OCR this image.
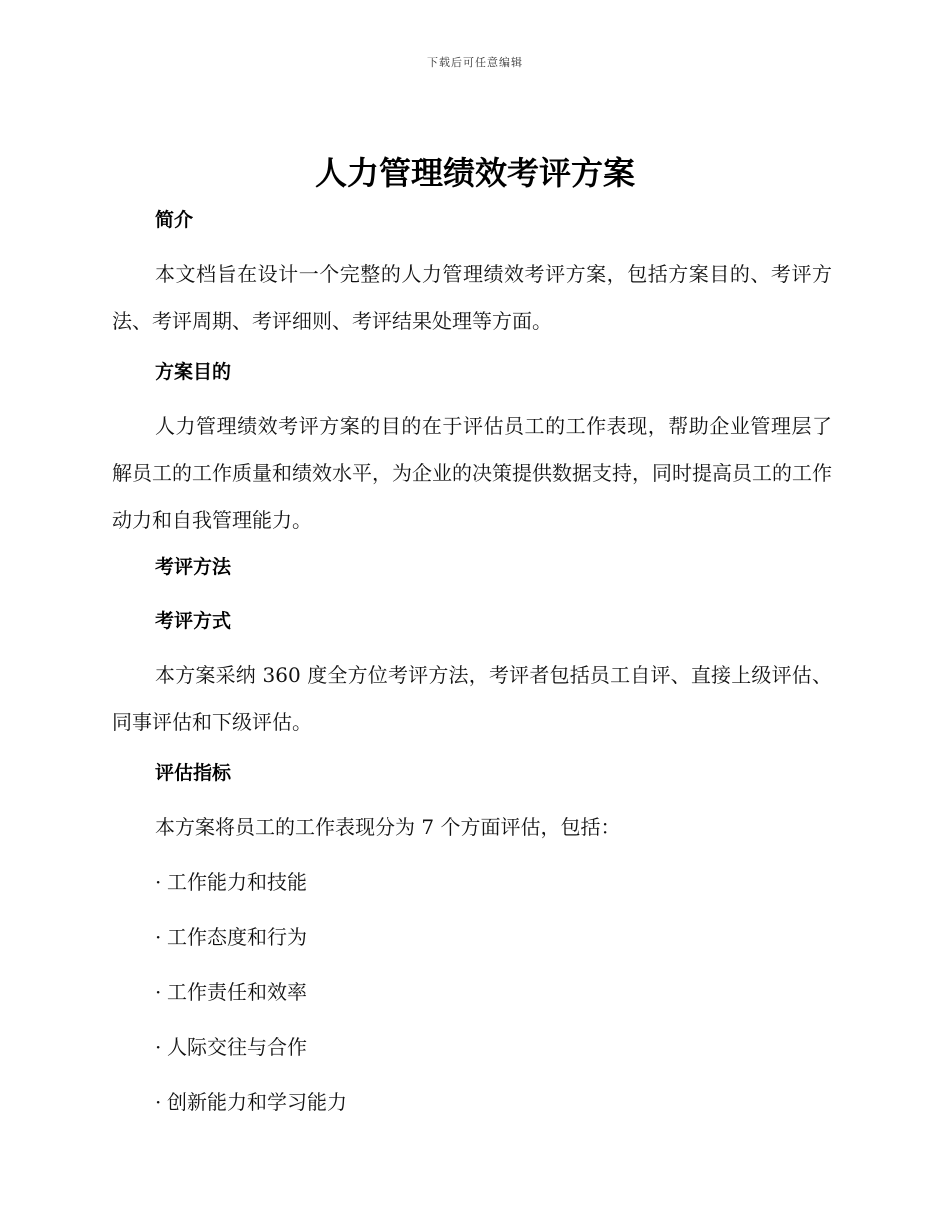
下载后可任意编辑
人力管理绩效考评方案
简介

本文档旨在设计一个完整的人力管理绩效考评方案，包括方案目的、考评方法、考评周期、考评细则、考评结果处理等方面。

方案目的

人力管理绩效考评方案的目的在于评估员工的工作表现，帮助企业管理层了解员工的工作质量和绩效水平，为企业的决策提供数据支持，同时提高员工的工作动力和自我管理能力。

考评方法
考评方式

本方案采纳 360 度全方位考评方法，考评者包括员工自评、直接上级评估、同事评估和下级评估。

评估指标

本方案将员工的工作表现分为 7 个方面评估，包括：

· 工作能力和技能
· 工作态度和行为
· 工作责任和效率
· 人际交往与合作
· 创新能力和学习能力
